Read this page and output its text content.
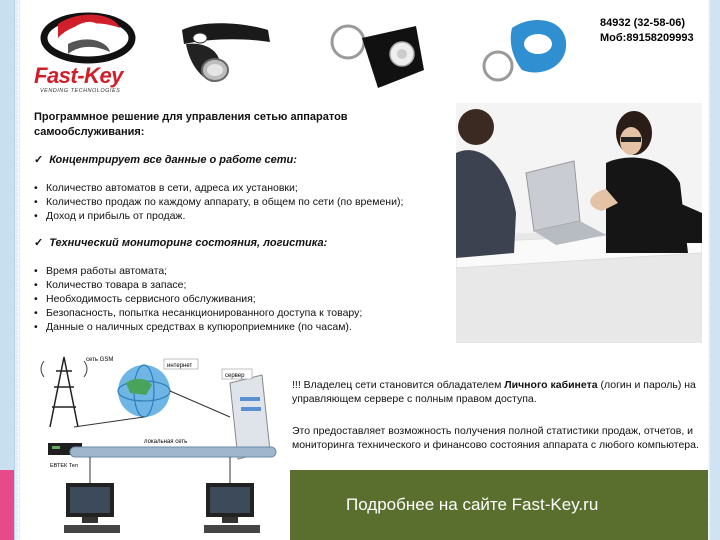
Fast-Key
VENDING TECHNOLOGIES
84932 (32-58-06)
Моб:89158209993
Программное решение для управления сетью аппаратов самообслуживания:
✓ Концентрирует все данные о работе сети:
• Количество автоматов в сети, адреса их установки;
• Количество продаж по каждому аппарату, в общем по сети (по времени);
• Доход и прибыль от продаж.
✓ Технический мониторинг состояния, логистика:
• Время работы автомата;
• Количество товара в запасе;
• Необходимость сервисного обслуживания;
• Безопасность, попытка несанкционированного доступа к товару;
• Данные о наличных средствах в купюроприемнике (по часам).
сеть GSM
интернет
сервер
ЕВТЕК Тел
локальная сеть
!!! Владелец сети становится обладателем Личного кабинета (логин и пароль) на управляющем сервере с полным правом доступа.
Это предоставляет возможность получения полной статистики продаж, отчетов, и мониторинга технического и финансово состояния аппарата с любого компьютера.
Подробнее на сайте Fast-Key.ru
